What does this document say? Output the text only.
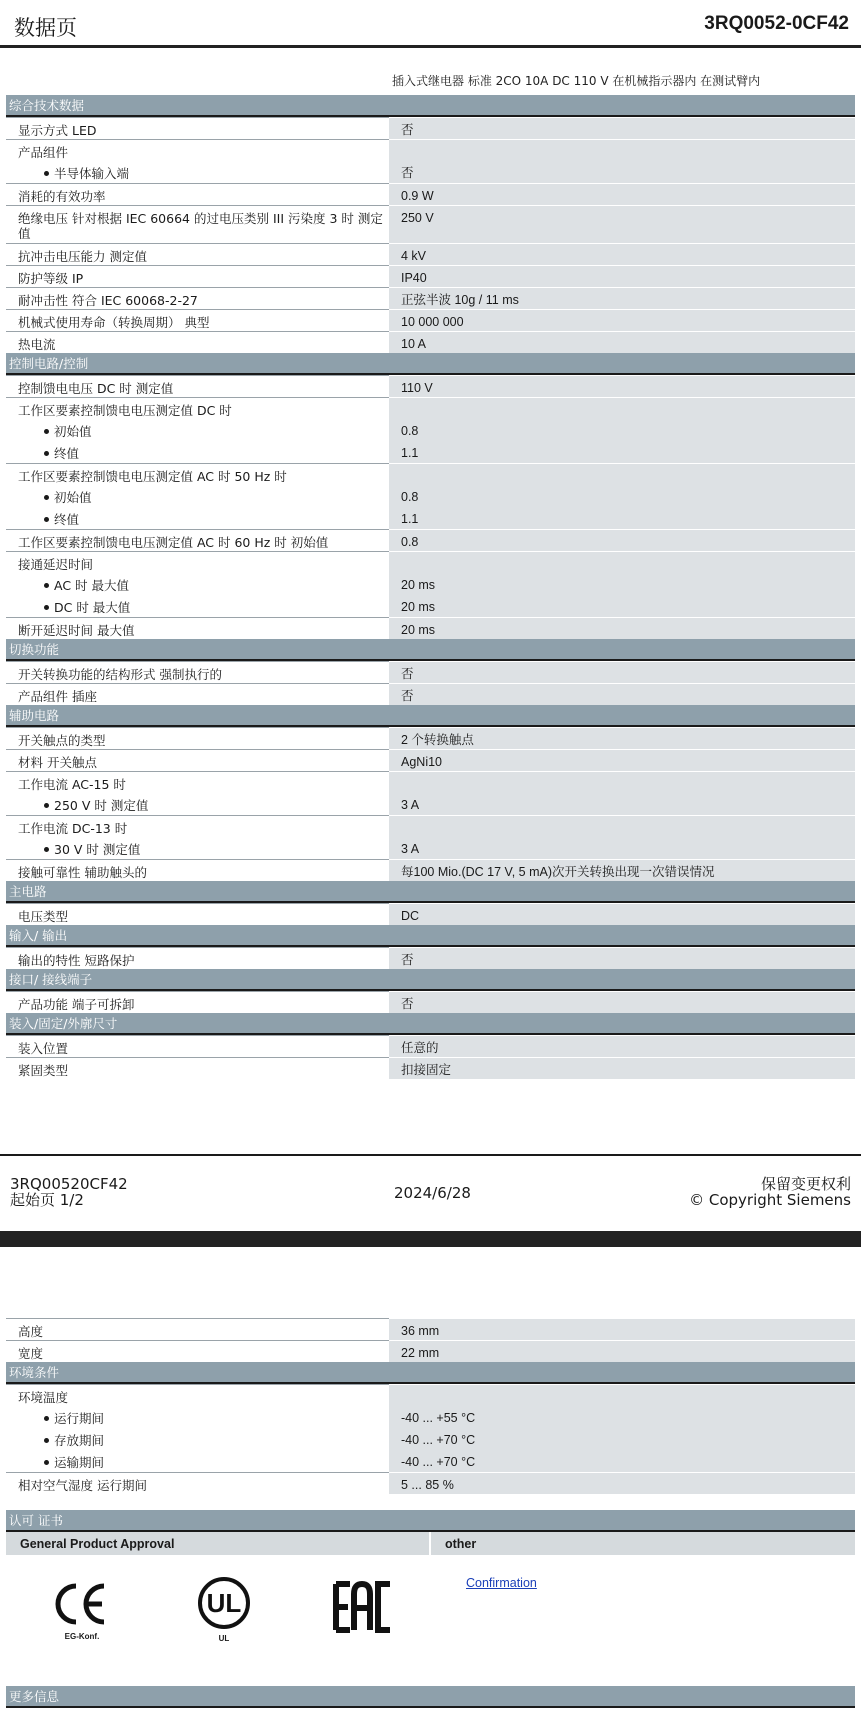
数据页	3RQ0052-0CF42
插入式继电器 标准 2CO 10A DC 110 V 在机械指示器内 在测试臂内
综合技术数据
显示方式 LED	否
产品组件
半导体输入端	否
消耗的有效功率	0.9 W
绝缘电压 针对根据 IEC 60664 的过电压类别 III 污染度 3 时 测定值
250 V
抗冲击电压能力 测定值	4 kV
防护等级 IP	IP40
耐冲击性 符合 IEC 60068-2-27	正弦半波 10g / 11 ms
机械式使用寿命（转换周期） 典型	10 000 000
热电流	10 A
控制电路/控制
控制馈电电压 DC 时 测定值	110 V
工作区要素控制馈电电压测定值 DC 时
初始值	0.8
终值	1.1
工作区要素控制馈电电压测定值 AC 时 50 Hz 时
初始值	0.8
终值	1.1
工作区要素控制馈电电压测定值 AC 时 60 Hz 时 初始值	0.8
接通延迟时间
AC 时 最大值	20 ms
DC 时 最大值	20 ms
断开延迟时间 最大值	20 ms
切换功能
开关转换功能的结构形式 强制执行的	否
产品组件 插座	否
辅助电路
开关触点的类型	2 个转换触点
材料 开关触点	AgNi10
工作电流 AC-15 时
250 V 时 测定值	3 A
工作电流 DC-13 时
30 V 时 测定值	3 A
接触可靠性 辅助触头的	每100 Mio.(DC 17 V, 5 mA)次开关转换出现一次错误情况
主电路
电压类型	DC
输入/ 输出
输出的特性 短路保护	否
接口/ 接线端子
产品功能 端子可拆卸	否
装入/固定/外廓尺寸
装入位置	任意的
紧固类型	扣接固定
3RQ00520CF42
起始页 1/2	2024/6/28	保留变更权利
© Copyright Siemens
高度	36 mm
宽度	22 mm
环境条件
环境温度
运行期间	-40 ... +55 °C
存放期间	-40 ... +70 °C
运输期间	-40 ... +70 °C
相对空气湿度 运行期间	5 ... 85 %
认可 证书
General Product Approval	other
EG-Konf.
UL
UL
Confirmation
更多信息
